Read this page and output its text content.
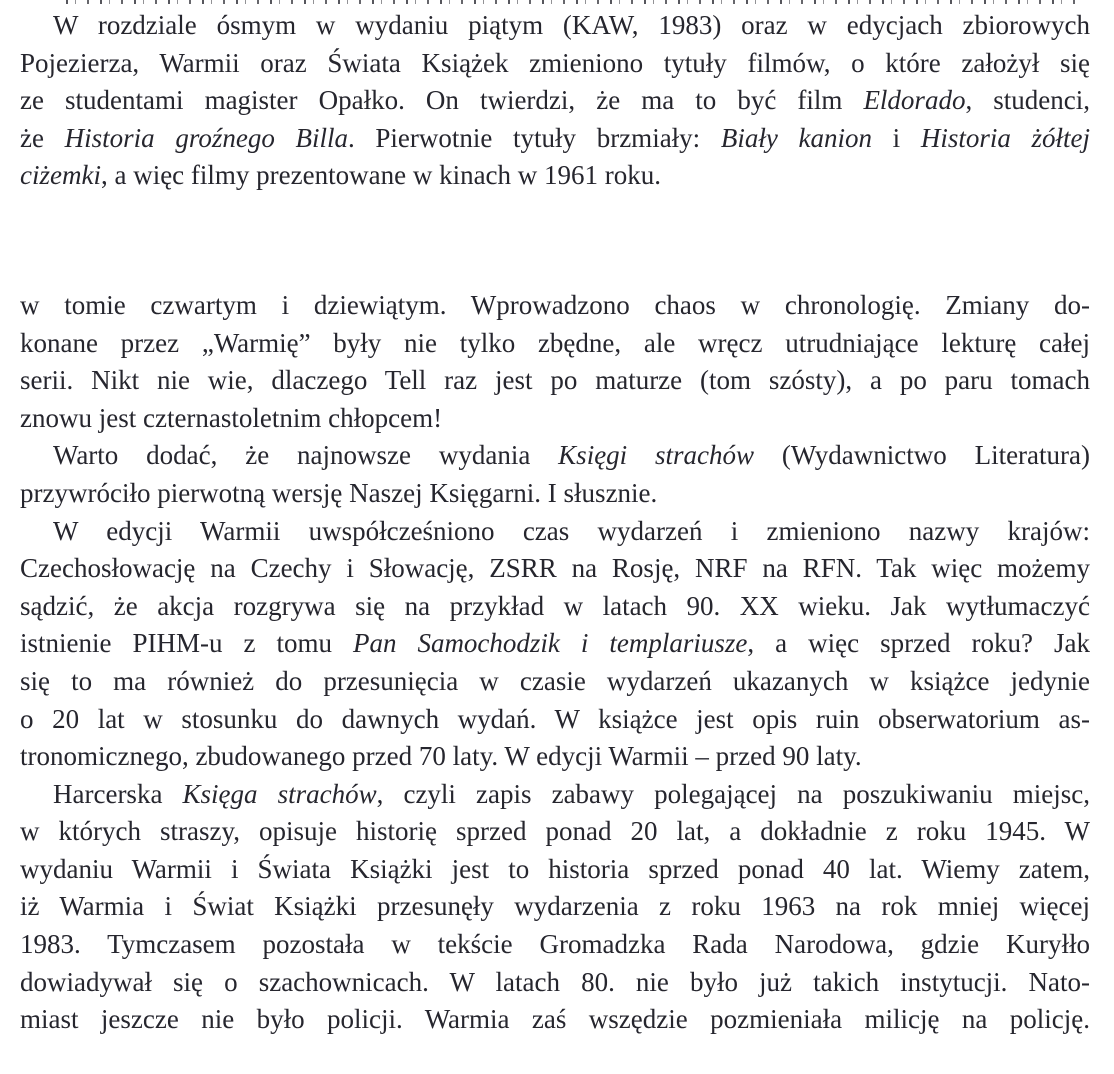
W rozdziale ósmym w wydaniu piątym (KAW, 1983) oraz w edycjach zbiorowych
Pojezierza, Warmii oraz Świata Książek zmieniono tytuły filmów, o które założył się
ze studentami magister Opałko. On twierdzi, że ma to być film Eldorado, studenci,
że Historia groźnego Billa. Pierwotnie tytuły brzmiały: Biały kanion i Historia żółtej
ciżemki, a więc filmy prezentowane w kinach w 1961 roku.
w tomie czwartym i dziewiątym. Wprowadzono chaos w chronologię. Zmiany do-
konane przez „Warmię” były nie tylko zbędne, ale wręcz utrudniające lekturę całej
serii. Nikt nie wie, dlaczego Tell raz jest po maturze (tom szósty), a po paru tomach
znowu jest czternastoletnim chłopcem!
Warto dodać, że najnowsze wydania Księgi strachów (Wydawnictwo Literatura)
przywróciło pierwotną wersję Naszej Księgarni. I słusznie.
W edycji Warmii uwspółcześniono czas wydarzeń i zmieniono nazwy krajów:
Czechosłowację na Czechy i Słowację, ZSRR na Rosję, NRF na RFN. Tak więc możemy
sądzić, że akcja rozgrywa się na przykład w latach 90. XX wieku. Jak wytłumaczyć
istnienie PIHM-u z tomu Pan Samochodzik i templariusze, a więc sprzed roku? Jak
się to ma również do przesunięcia w czasie wydarzeń ukazanych w książce jedynie
o 20 lat w stosunku do dawnych wydań. W książce jest opis ruin obserwatorium as-
tronomicznego, zbudowanego przed 70 laty. W edycji Warmii – przed 90 laty.
Harcerska Księga strachów, czyli zapis zabawy polegającej na poszukiwaniu miejsc,
w których straszy, opisuje historię sprzed ponad 20 lat, a dokładnie z roku 1945. W
wydaniu Warmii i Świata Książki jest to historia sprzed ponad 40 lat. Wiemy zatem,
iż Warmia i Świat Książki przesunęły wydarzenia z roku 1963 na rok mniej więcej
1983. Tymczasem pozostała w tekście Gromadzka Rada Narodowa, gdzie Kuryłło
dowiadywał się o szachownicach. W latach 80. nie było już takich instytucji. Nato-
miast jeszcze nie było policji. Warmia zaś wszędzie pozmieniała milicję na policję.
